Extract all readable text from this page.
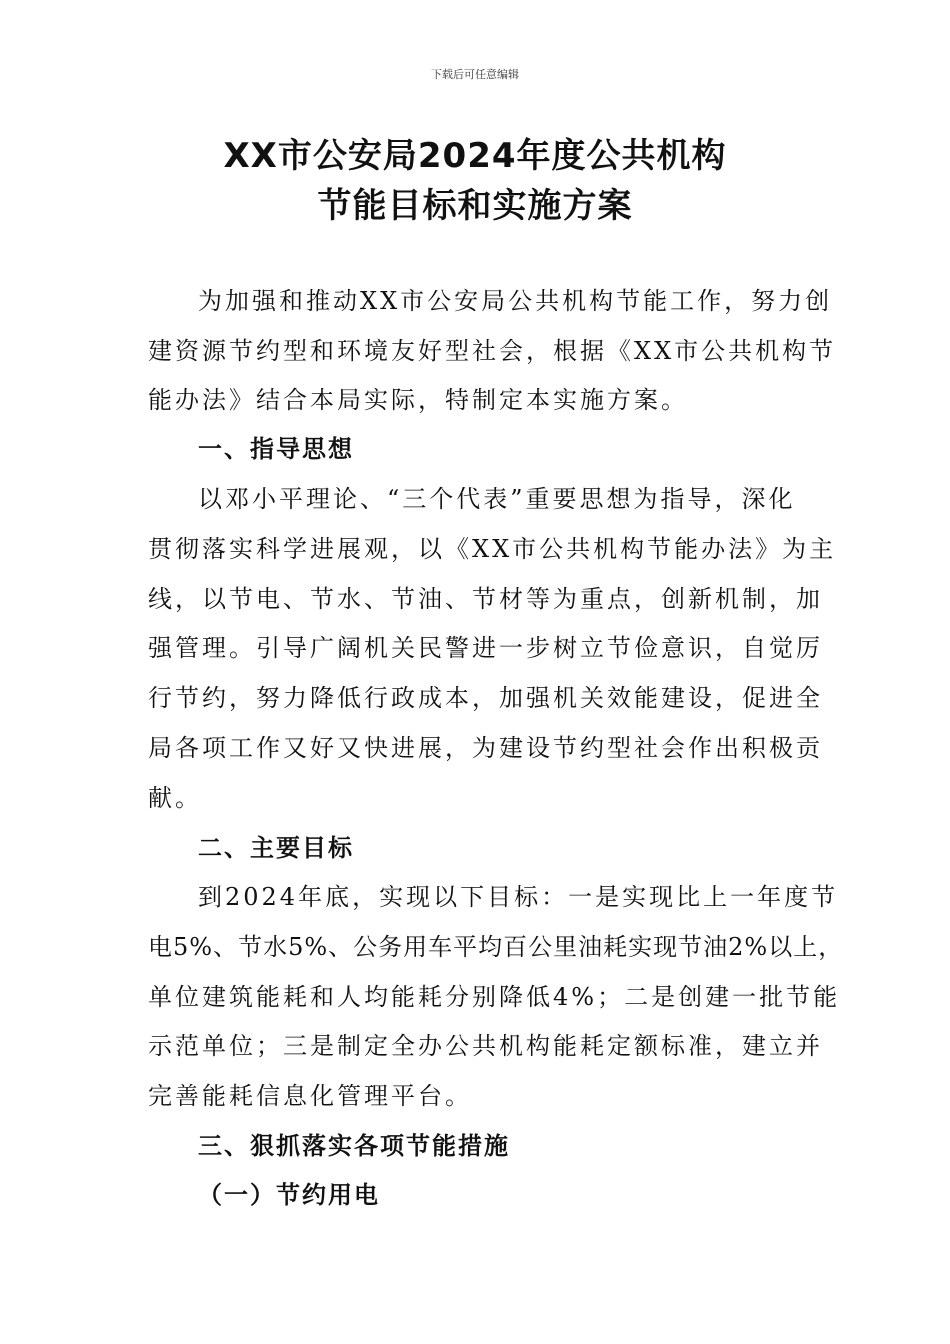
下载后可任意编辑
XX市公安局2024年度公共机构
节能目标和实施方案
为加强和推动XX市公安局公共机构节能工作，努力创
建资源节约型和环境友好型社会，根据《XX市公共机构节
能办法》结合本局实际，特制定本实施方案。
一、指导思想
以邓小平理论、“三个代表”重要思想为指导，深化
贯彻落实科学进展观，以《XX市公共机构节能办法》为主
线，以节电、节水、节油、节材等为重点，创新机制，加
强管理。引导广阔机关民警进一步树立节俭意识，自觉厉
行节约，努力降低行政成本，加强机关效能建设，促进全
局各项工作又好又快进展，为建设节约型社会作出积极贡
献。
二、主要目标
到2024年底，实现以下目标：一是实现比上一年度节
电5%、节水5%、公务用车平均百公里油耗实现节油2%以上，
单位建筑能耗和人均能耗分别降低4%；二是创建一批节能
示范单位；三是制定全办公共机构能耗定额标准，建立并
完善能耗信息化管理平台。
三、狠抓落实各项节能措施
（一）节约用电
